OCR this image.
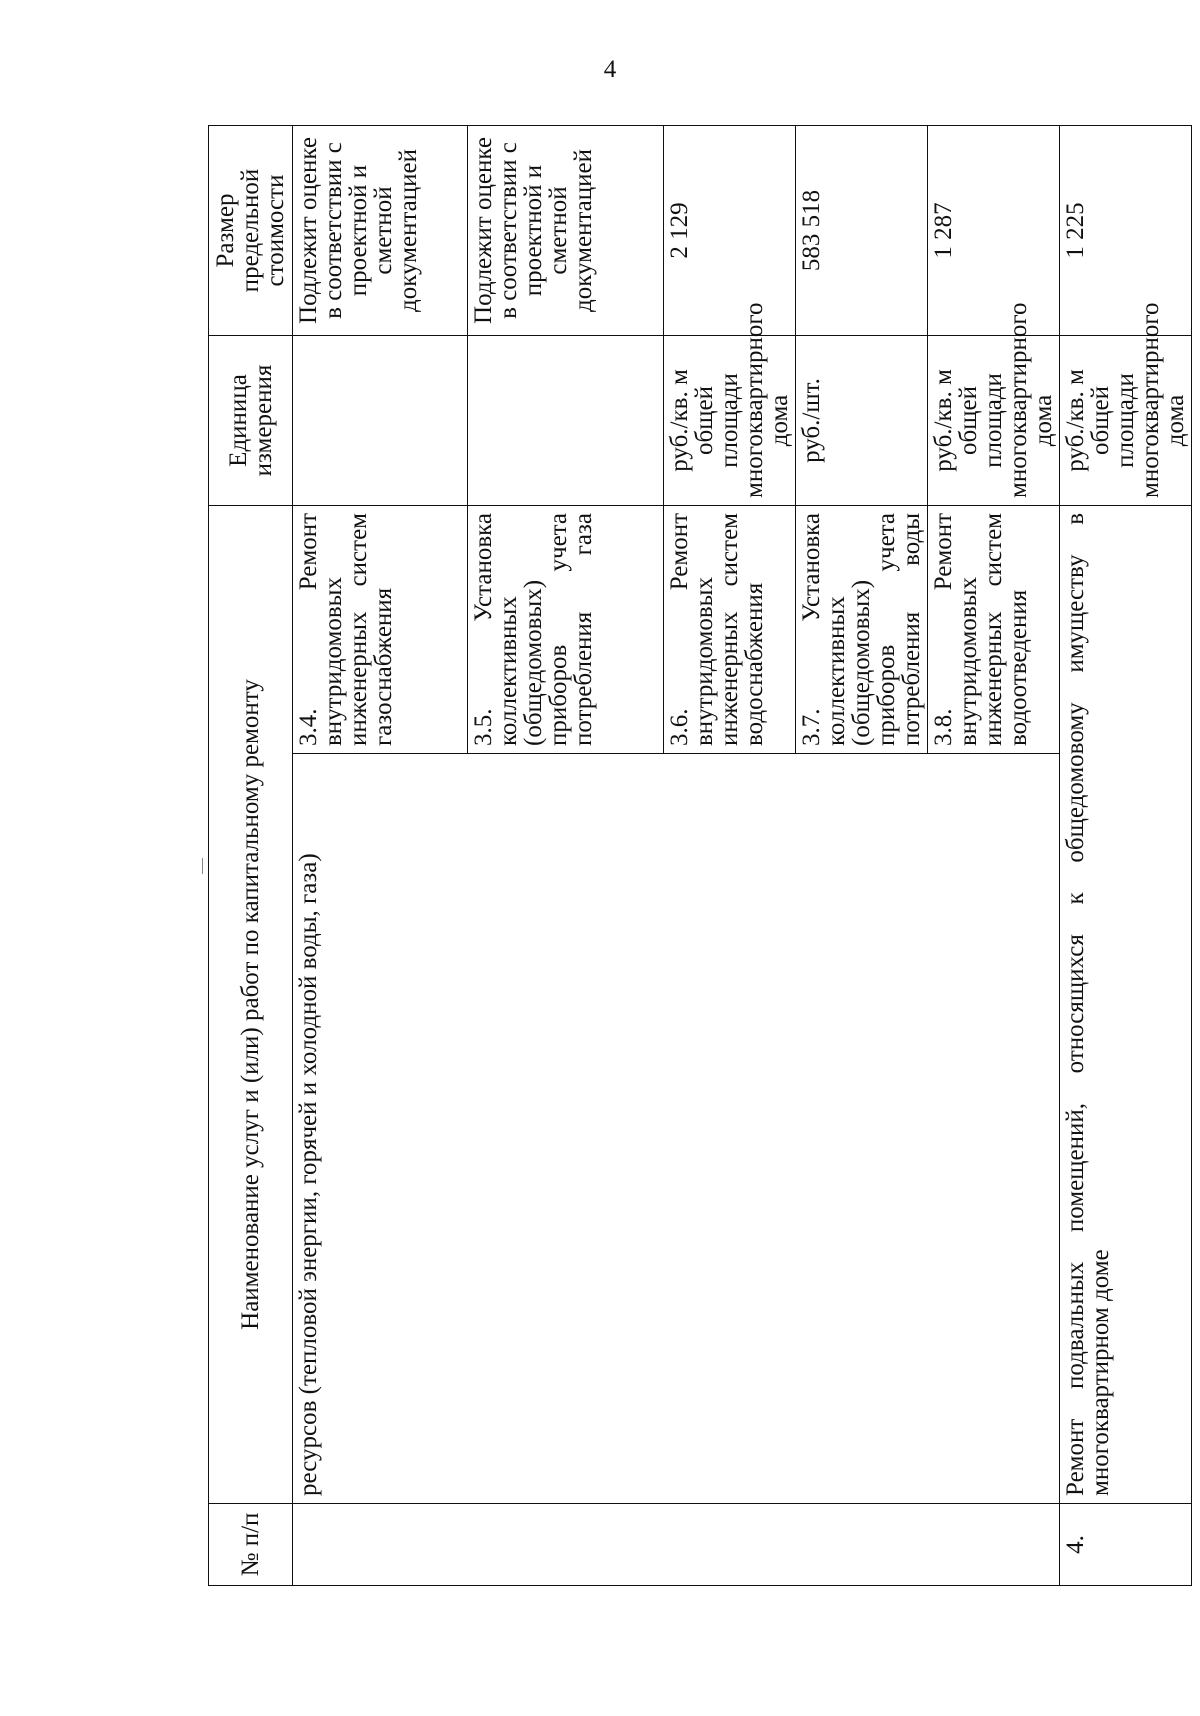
4
№ п/п	Наименование услуг и (или) работ по капитальному ремонту		Единица измерения	Размер предельной стоимости
	ресурсов (тепловой энергии, горячей и холодной воды, газа)	3.4. Ремонт внутридомовых инженерных систем газоснабжения		Подлежит оценке в соответствии с проектной и сметной документацией
		3.5. Установка коллективных (общедомовых) приборов учета потребления газа		Подлежит оценке в соответствии с проектной и сметной документацией
		3.6. Ремонт внутридомовых инженерных систем водоснабжения	руб./кв. м общей площади многоквартирного дома	2 129
		3.7. Установка коллективных (общедомовых) приборов учета потребления воды	руб./шт.	583 518
		3.8. Ремонт внутридомовых инженерных систем водоотведения	руб./кв. м общей площади многоквартирного дома	1 287
4.	Ремонт подвальных помещений, относящихся к общедомовому имуществу в многоквартирном доме		руб./кв. м общей площади многоквартирного дома	1 225
